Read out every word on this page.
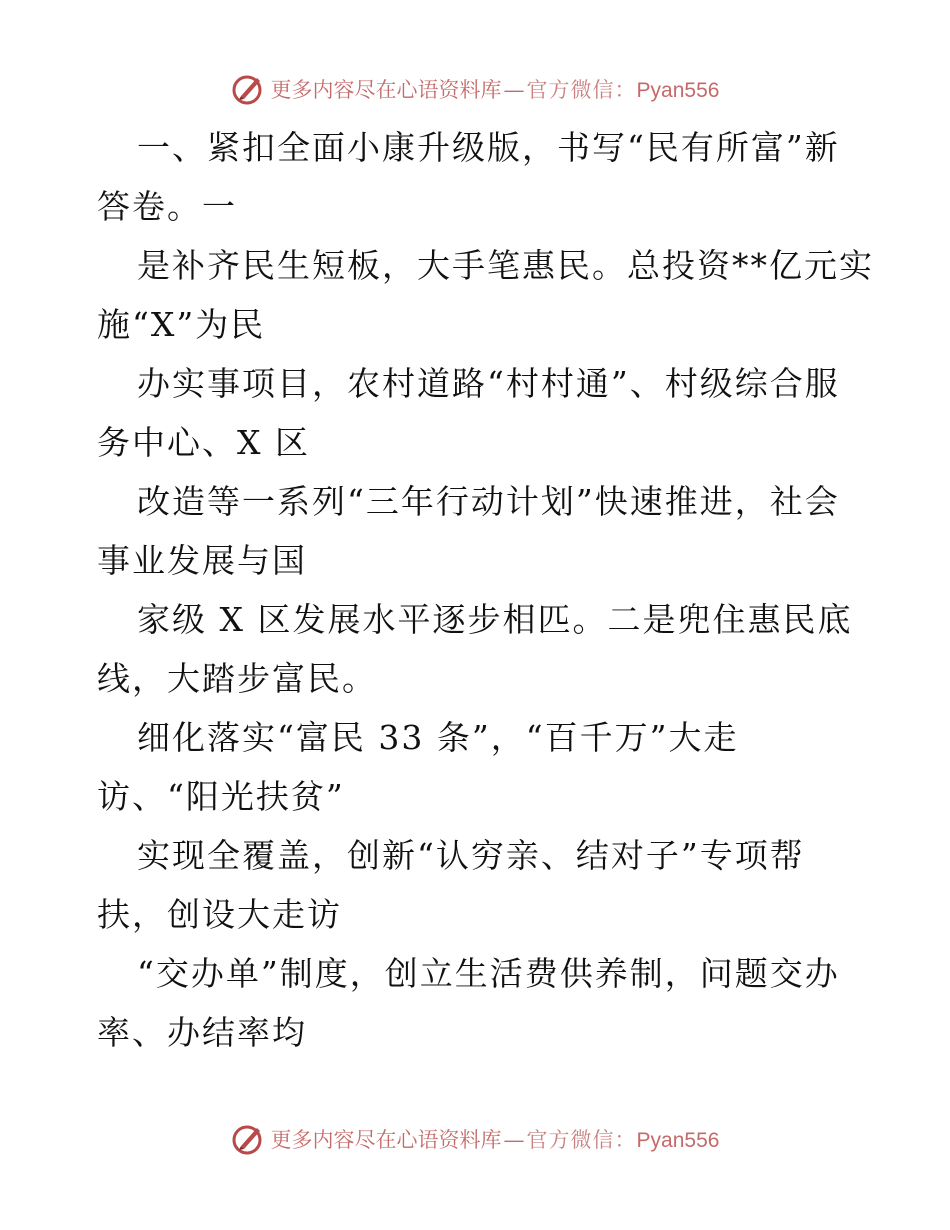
更多内容尽在心语资料库 — 官方微信： Pyan556
一、紧扣全面小康升级版，书写“民有所富”新
答卷。一
是补齐民生短板，大手笔惠民。总投资**亿元实
施“X”为民
办实事项目，农村道路“村村通”、村级综合服
务中心、X 区
改造等一系列“三年行动计划”快速推进，社会
事业发展与国
家级 X 区发展水平逐步相匹。二是兜住惠民底
线，大踏步富民。
细化落实“富民 33 条”，“百千万”大走
访、“阳光扶贫”
实现全覆盖，创新“认穷亲、结对子”专项帮
扶，创设大走访
“交办单”制度，创立生活费供养制，问题交办
率、办结率均
更多内容尽在心语资料库 — 官方微信： Pyan556
